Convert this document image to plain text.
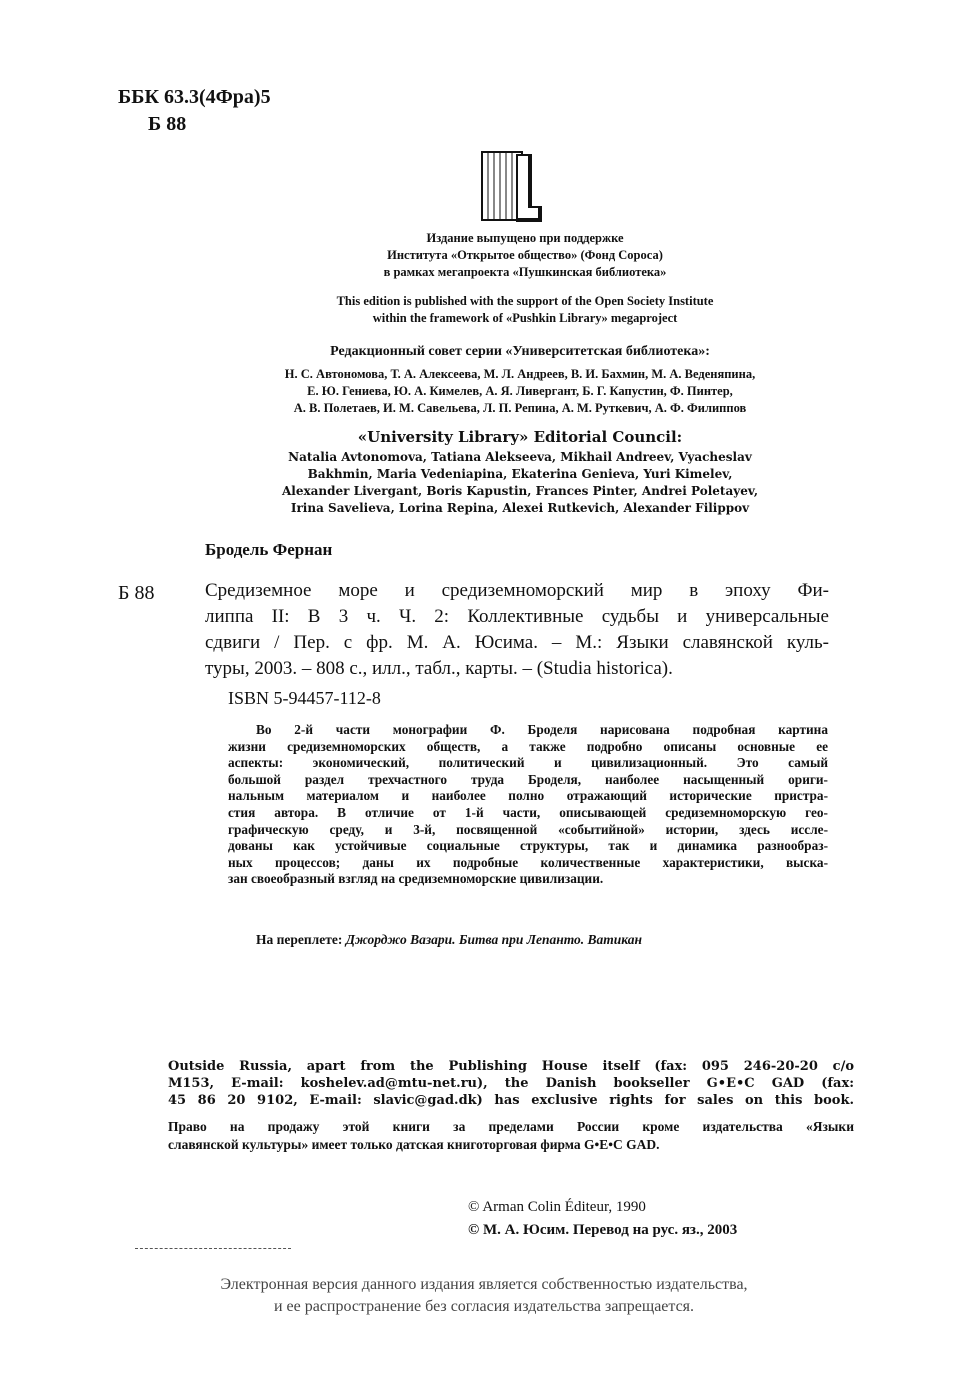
ББК 63.3(4Фра)5
Б 88
Издание выпущено при поддержке
Института «Открытое общество» (Фонд Сороса)
в рамках мегапроекта «Пушкинская библиотека»
This edition is published with the support of the Open Society Institute
within the framework of «Pushkin Library» megaproject
Редакционный совет серии «Университетская библиотека»:
Н. С. Автономова, Т. А. Алексеева, М. Л. Андреев, В. И. Бахмин, М. А. Веденяпина,
Е. Ю. Гениева, Ю. А. Кимелев, А. Я. Ливергант, Б. Г. Капустин, Ф. Пинтер,
А. В. Полетаев, И. М. Савельева, Л. П. Репина, А. М. Руткевич, А. Ф. Филиппов
«University Library» Editorial Council:
Natalia Avtonomova, Tatiana Alekseeva, Mikhail Andreev, Vyacheslav
Bakhmin, Maria Vedeniapina, Ekaterina Genieva, Yuri Kimelev,
Alexander Livergant, Boris Kapustin, Frances Pinter, Andrei Poletayev,
Irina Savelieva, Lorina Repina, Alexei Rutkevich, Alexander Filippov
Бродель Фернан
Б 88	Средиземное море и средиземноморский мир в эпоху Фи-
липпа II: В 3 ч. Ч. 2: Коллективные судьбы и универсальные
сдвиги / Пер. с фр. М. А. Юсима. – М.: Языки славянской куль-
туры, 2003. – 808 с., илл., табл., карты. – (Studia historica).
ISBN 5-94457-112-8
Во 2-й части монографии Ф. Броделя нарисована подробная картина
жизни средиземноморских обществ, а также подробно описаны основные ее
аспекты: экономический, политический и цивилизационный. Это самый
большой раздел трехчастного труда Броделя, наиболее насыщенный ориги-
нальным материалом и наиболее полно отражающий исторические пристра-
стия автора. В отличие от 1-й части, описывающей средиземноморскую гео-
графическую среду, и 3-й, посвященной «событийной» истории, здесь иссле-
дованы как устойчивые социальные структуры, так и динамика разнообраз-
ных процессов; даны их подробные количественные характеристики, выска-
зан своеобразный взгляд на средиземноморские цивилизации.
На переплете: Джорджо Вазари. Битва при Лепанто. Ватикан
Outside Russia, apart from the Publishing House itself (fax: 095 246-20-20 c/o
M153, E-mail: koshelev.ad@mtu-net.ru), the Danish bookseller G•E•C GAD (fax:
45 86 20 9102, E-mail: slavic@gad.dk) has exclusive rights for sales on this book.
Право на продажу этой книги за пределами России кроме издательства «Языки
славянской культуры» имеет только датская книготорговая фирма G•E•C GAD.
© Arman Colin Éditeur, 1990
© М. А. Юсим. Перевод на рус. яз., 2003
Электронная версия данного издания является собственностью издательства,
и ее распространение без согласия издательства запрещается.
